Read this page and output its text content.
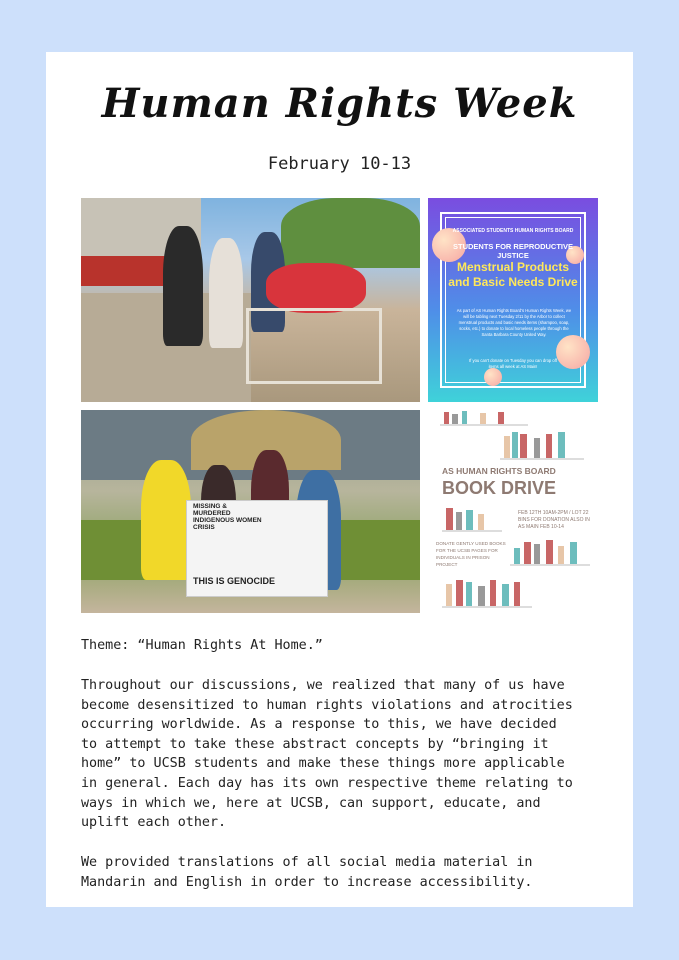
Human Rights Week
February 10-13
ASSOCIATED STUDENTS HUMAN RIGHTS BOARD
STUDENTS FOR REPRODUCTIVE JUSTICE
Menstrual Products and Basic Needs Drive
As part of AS Human Rights Board's Human Rights Week, we will be tabling next Tuesday 2/11 by the Arbor to collect menstrual products and basic needs items (shampoo, soap, socks, etc.) to donate to local homeless people through the Santa Barbara County United Way.
If you can't donate on Tuesday you can drop off items all week at AS Main!
MISSING & MURDERED INDIGENOUS WOMEN CRISIS
THIS IS GENOCIDE
AS HUMAN RIGHTS BOARD
BOOK DRIVE
FEB 12TH 10AM-2PM / LOT 22 BINS FOR DONATION ALSO IN AS MAIN FEB 10-14
DONATE GENTLY USED BOOKS FOR THE UCSB PAGES FOR INDIVIDUALS IN PRISON PROJECT
Theme: “Human Rights At Home.”
Throughout our discussions, we realized that many of us have
become desensitized to human rights violations and atrocities
occurring worldwide. As a response to this, we have decided
to attempt to take these abstract concepts by “bringing it
home” to UCSB students and make these things more applicable
in general. Each day has its own respective theme relating to
ways in which we, here at UCSB, can support, educate, and
uplift each other.
We provided translations of all social media material in
Mandarin and English in order to increase accessibility.
